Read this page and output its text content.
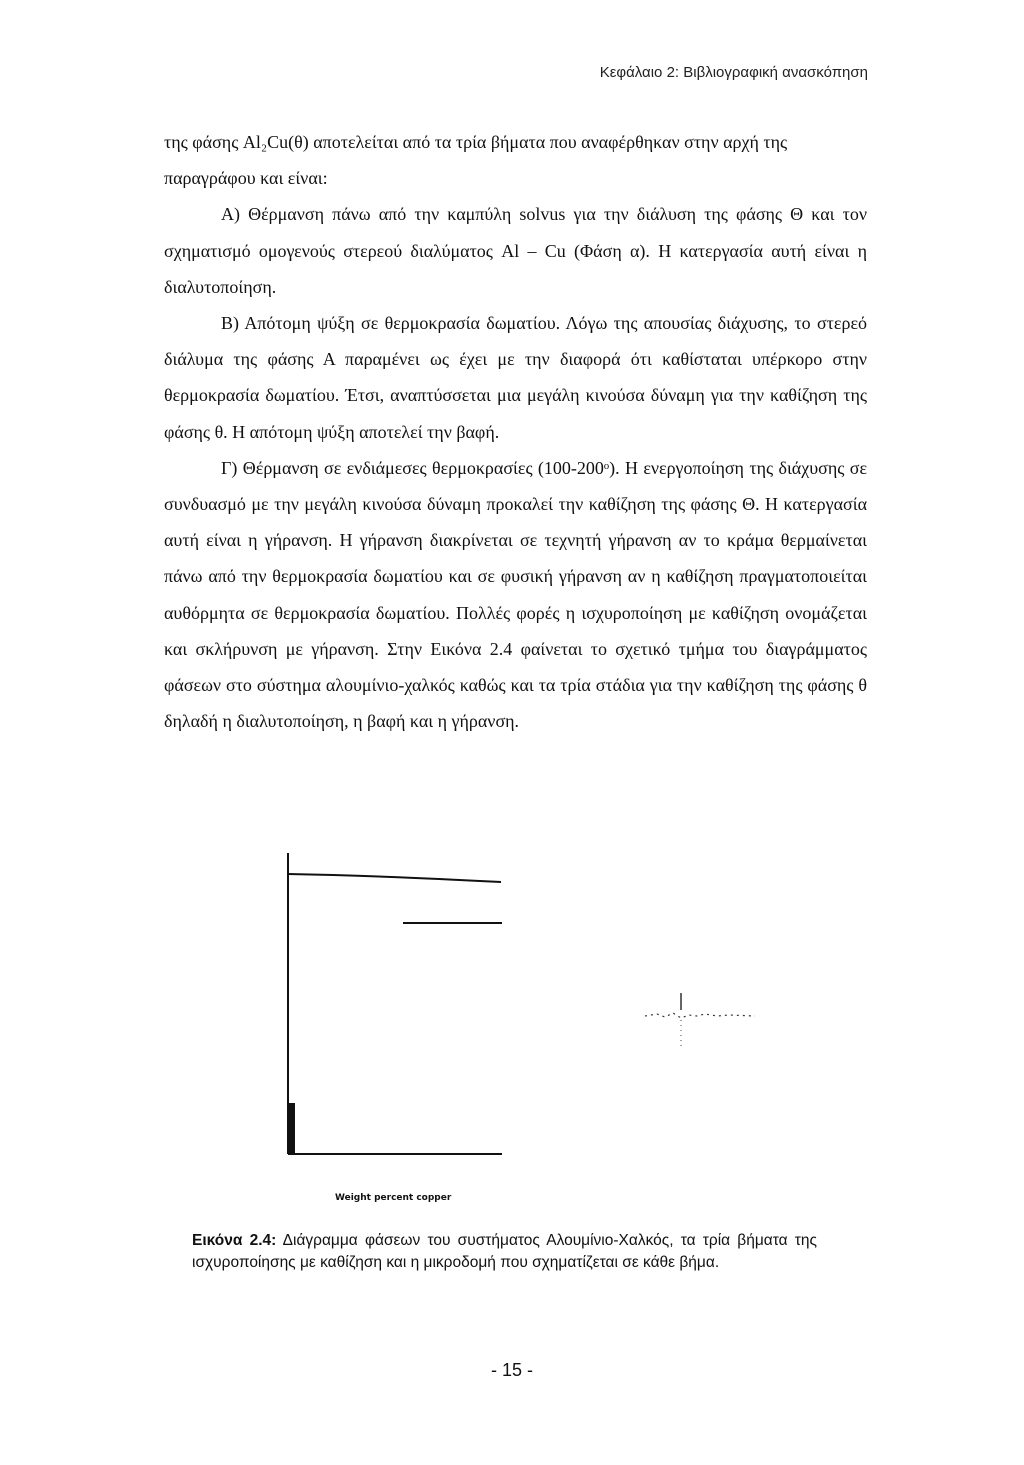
Κεφάλαιο 2: Βιβλιογραφική ανασκόπηση

της φάσης Al₂Cu(θ) αποτελείται από τα τρία βήματα που αναφέρθηκαν στην αρχή της παραγράφου και είναι:

Α) Θέρμανση πάνω από την καμπύλη solvus για την διάλυση της φάσης Θ και τον σχηματισμό ομογενούς στερεού διαλύματος Al – Cu (Φάση α). Η κατεργασία αυτή είναι η διαλυτοποίηση.

Β) Απότομη ψύξη σε θερμοκρασία δωματίου. Λόγω της απουσίας διάχυσης, το στερεό διάλυμα της φάσης Α παραμένει ως έχει με την διαφορά ότι καθίσταται υπέρκορο στην θερμοκρασία δωματίου. Έτσι, αναπτύσσεται μια μεγάλη κινούσα δύναμη για την καθίζηση της φάσης θ. Η απότομη ψύξη αποτελεί την βαφή.

Γ) Θέρμανση σε ενδιάμεσες θερμοκρασίες (100-200ᵒ). Η ενεργοποίηση της διάχυσης σε συνδυασμό με την μεγάλη κινούσα δύναμη προκαλεί την καθίζηση της φάσης Θ. Η κατεργασία αυτή είναι η γήρανση. Η γήρανση διακρίνεται σε τεχνητή γήρανση αν το κράμα θερμαίνεται πάνω από την θερμοκρασία δωματίου και σε φυσική γήρανση αν η καθίζηση πραγματοποιείται αυθόρμητα σε θερμοκρασία δωματίου. Πολλές φορές η ισχυροποίηση με καθίζηση ονομάζεται και σκλήρυνση με γήρανση. Στην Εικόνα 2.4 φαίνεται το σχετικό τμήμα του διαγράμματος φάσεων στο σύστημα αλουμίνιο-χαλκός καθώς και τα τρία στάδια για την καθίζηση της φάσης θ δηλαδή η διαλυτοποίηση, η βαφή και η γήρανση.

Weight percent copper
Εικόνα 2.4: Διάγραμμα φάσεων του συστήματος Αλουμίνιο-Χαλκός, τα τρία βήματα της ισχυροποίησης με καθίζηση και η μικροδομή που σχηματίζεται σε κάθε βήμα.
- 15 -
